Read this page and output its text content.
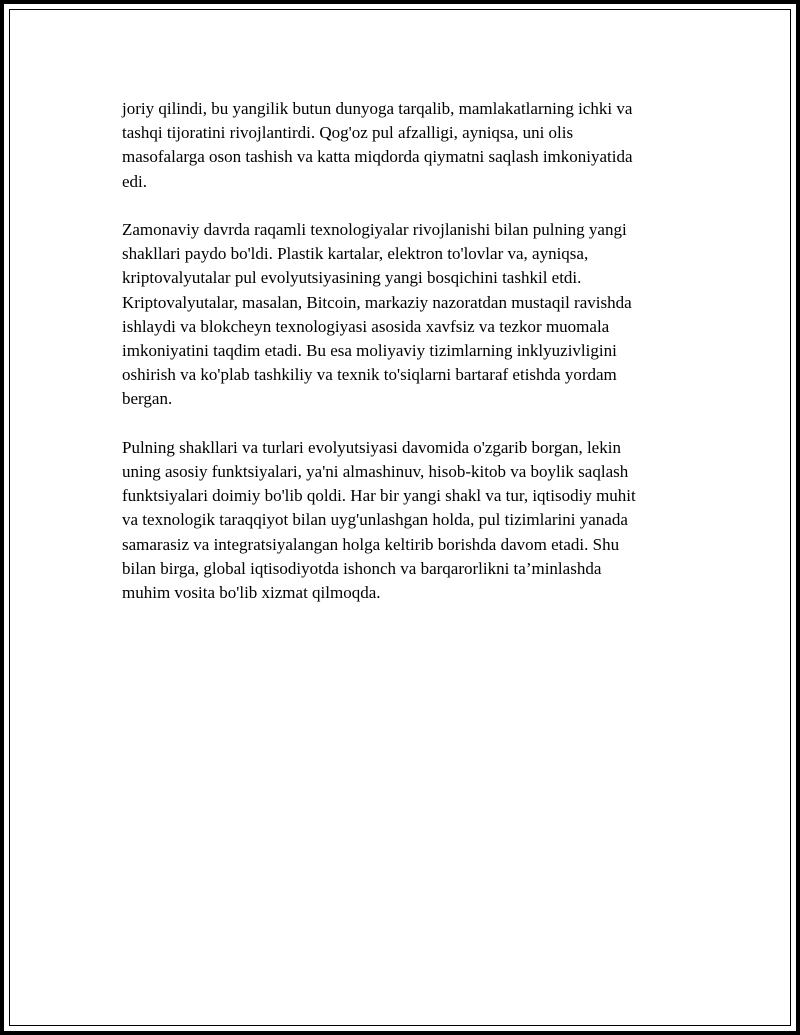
joriy qilindi, bu yangilik butun dunyoga tarqalib, mamlakatlarning ichki va
tashqi tijoratini rivojlantirdi. Qog'oz pul afzalligi, ayniqsa, uni olis
masofalarga oson tashish va katta miqdorda qiymatni saqlash imkoniyatida
edi.

Zamonaviy davrda raqamli texnologiyalar rivojlanishi bilan pulning yangi
shakllari paydo bo'ldi. Plastik kartalar, elektron to'lovlar va, ayniqsa,
kriptovalyutalar pul evolyutsiyasining yangi bosqichini tashkil etdi.
Kriptovalyutalar, masalan, Bitcoin, markaziy nazoratdan mustaqil ravishda
ishlaydi va blokcheyn texnologiyasi asosida xavfsiz va tezkor muomala
imkoniyatini taqdim etadi. Bu esa moliyaviy tizimlarning inklyuzivligini
oshirish va ko'plab tashkiliy va texnik to'siqlarni bartaraf etishda yordam
bergan.

Pulning shakllari va turlari evolyutsiyasi davomida o'zgarib borgan, lekin
uning asosiy funktsiyalari, ya'ni almashinuv, hisob-kitob va boylik saqlash
funktsiyalari doimiy bo'lib qoldi. Har bir yangi shakl va tur, iqtisodiy muhit
va texnologik taraqqiyot bilan uyg'unlashgan holda, pul tizimlarini yanada
samarasiz va integratsiyalangan holga keltirib borishda davom etadi. Shu
bilan birga, global iqtisodiyotda ishonch va barqarorlikni ta’minlashda
muhim vosita bo'lib xizmat qilmoqda.
